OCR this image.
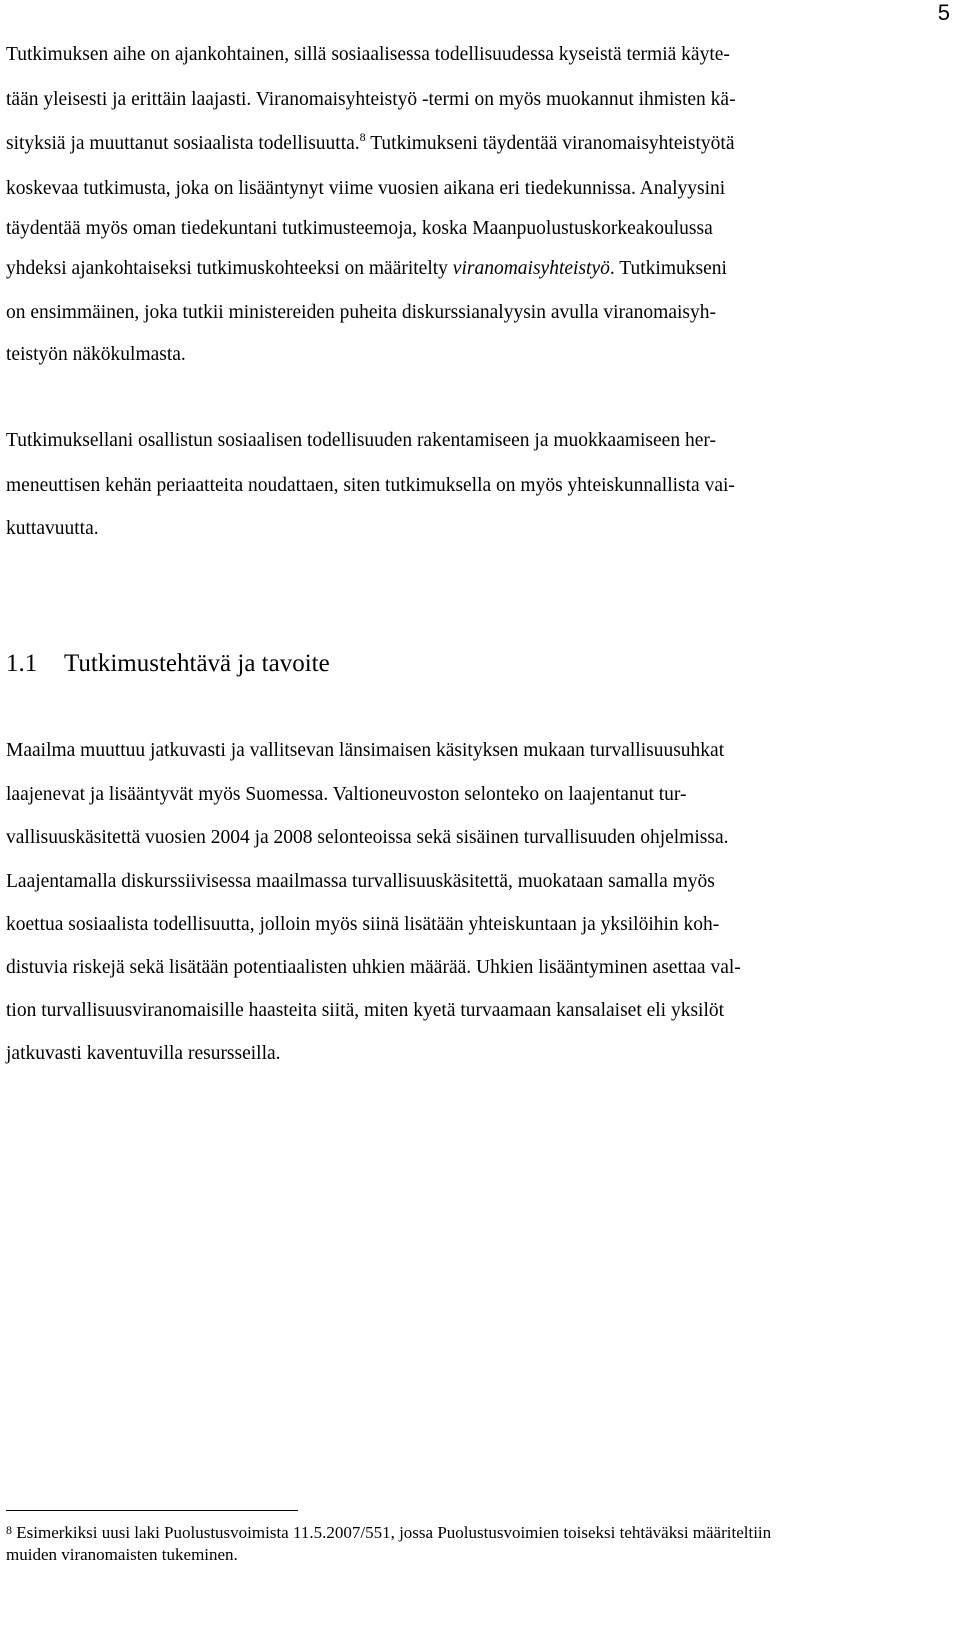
5
Tutkimuksen aihe on ajankohtainen, sillä sosiaalisessa todellisuudessa kyseistä termiä käyte-
tään yleisesti ja erittäin laajasti. Viranomaisyhteistyö -termi on myös muokannut ihmisten kä-
sityksiä ja muuttanut sosiaalista todellisuutta.$^8$ Tutkimukseni täydentää viranomaisyhteistyötä
koskevaa tutkimusta, joka on lisääntynyt viime vuosien aikana eri tiedekunnissa. Analyysini
täydentää myös oman tiedekuntani tutkimusteemoja, koska Maanpuolustuskorkeakoulussa
yhdeksi ajankohtaiseksi tutkimuskohteeksi on määritelty viranomaisyhteistyö. Tutkimukseni
on ensimmäinen, joka tutkii ministereiden puheita diskurssianalyysin avulla viranomaisyh-
teistyön näkökulmasta.
Tutkimuksellani osallistun sosiaalisen todellisuuden rakentamiseen ja muokkaamiseen her-
meneuttisen kehän periaatteita noudattaen, siten tutkimuksella on myös yhteiskunnallista vai-
kuttavuutta.
1.1 Tutkimustehtävä ja tavoite
Maailma muuttuu jatkuvasti ja vallitsevan länsimaisen käsityksen mukaan turvallisuusuhkat
laajenevat ja lisääntyvät myös Suomessa. Valtioneuvoston selonteko on laajentanut tur-
vallisuuskäsitettä vuosien 2004 ja 2008 selonteoissa sekä sisäinen turvallisuuden ohjelmissa.
Laajentamalla diskurssiivisessa maailmassa turvallisuuskäsitettä, muokataan samalla myös
koettua sosiaalista todellisuutta, jolloin myös siinä lisätään yhteiskuntaan ja yksilöihin koh-
distuvia riskejä sekä lisätään potentiaalisten uhkien määrää. Uhkien lisääntyminen asettaa val-
tion turvallisuusviranomaisille haasteita siitä, miten kyetä turvaamaan kansalaiset eli yksilöt
jatkuvasti kaventuvilla resursseilla.

$^8$ Esimerkiksi uusi laki Puolustusvoimista 11.5.2007/551, jossa Puolustusvoimien toiseksi tehtäväksi määriteltiin
muiden viranomaisten tukeminen.
